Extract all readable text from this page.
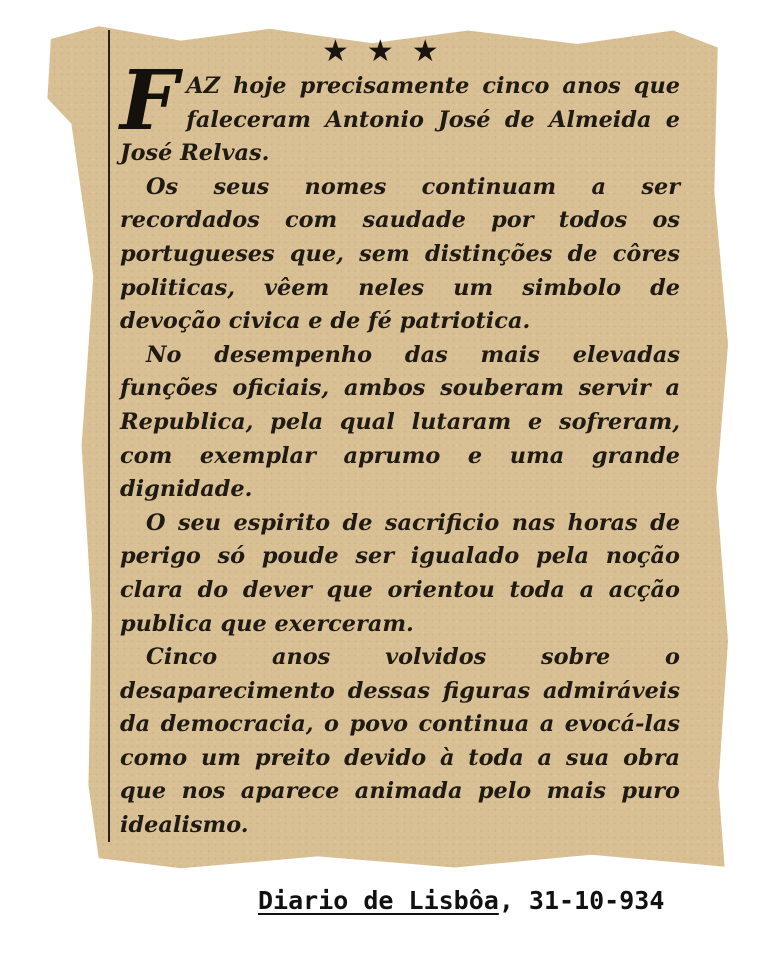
★★★
F AZ hoje precisamente cinco anos que faleceram Antonio José de Almeida e José Relvas.

Os seus nomes continuam a ser recordados com saudade por todos os portugueses que, sem distinções de côres politicas, vêem neles um simbolo de devoção civica e de fé patriotica.

No desempenho das mais elevadas funções oficiais, ambos souberam servir a Republica, pela qual lutaram e sofreram, com exemplar aprumo e uma grande dignidade.

O seu espirito de sacrificio nas horas de perigo só poude ser igualado pela noção clara do dever que orientou toda a acção publica que exerceram.

Cinco anos volvidos sobre o desaparecimento dessas figuras admiráveis da democracia, o povo continua a evocá-las como um preito devido à toda a sua obra que nos aparece animada pelo mais puro idealismo.

Diario de Lisbôa, 31-10-934
